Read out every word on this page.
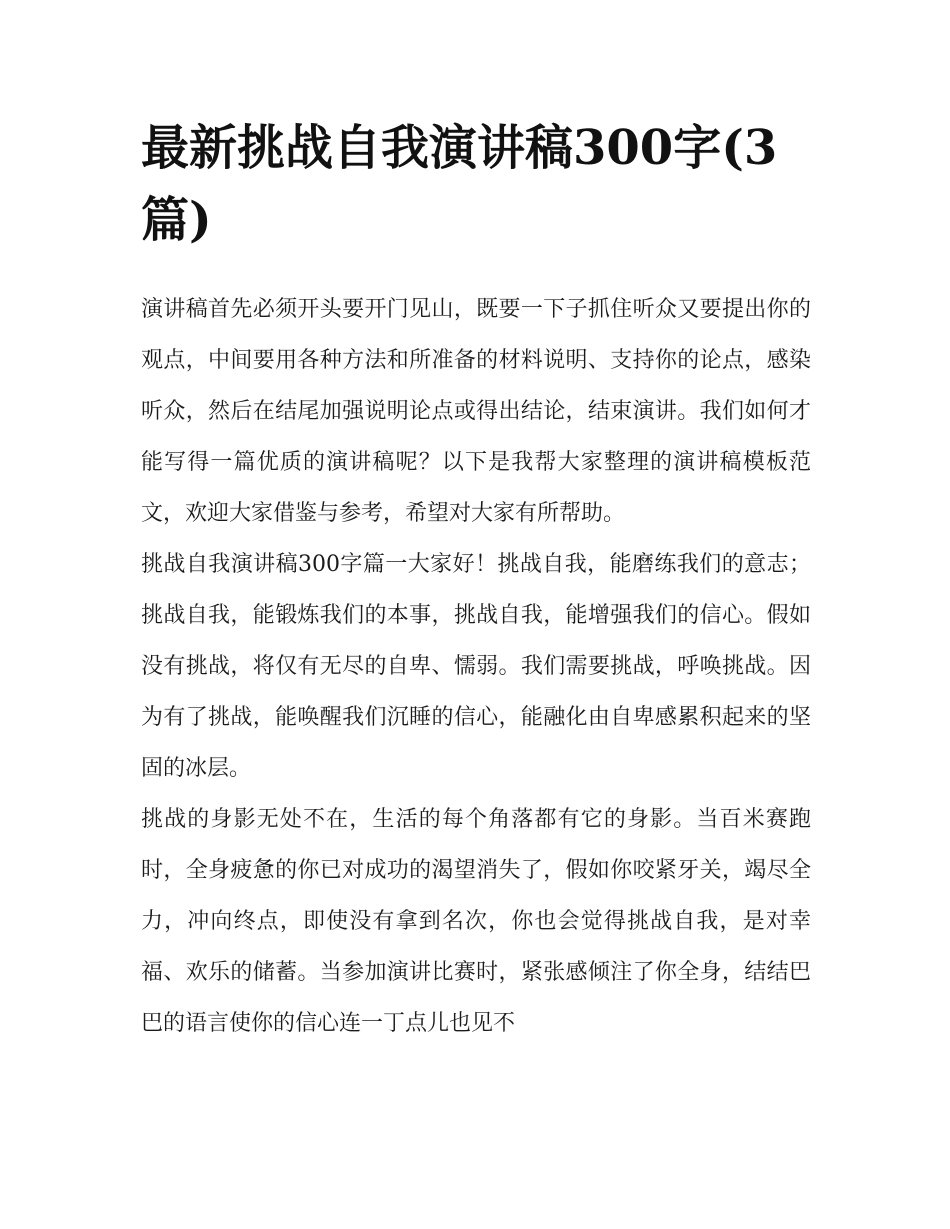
最新挑战自我演讲稿300字(3篇)

演讲稿首先必须开头要开门见山，既要一下子抓住听众又要提出你的观点，中间要用各种方法和所准备的材料说明、支持你的论点，感染听众，然后在结尾加强说明论点或得出结论，结束演讲。我们如何才能写得一篇优质的演讲稿呢？以下是我帮大家整理的演讲稿模板范文，欢迎大家借鉴与参考，希望对大家有所帮助。

挑战自我演讲稿300字篇一大家好！挑战自我，能磨练我们的意志；挑战自我，能锻炼我们的本事，挑战自我，能增强我们的信心。假如没有挑战，将仅有无尽的自卑、懦弱。我们需要挑战，呼唤挑战。因为有了挑战，能唤醒我们沉睡的信心，能融化由自卑感累积起来的坚固的冰层。

挑战的身影无处不在，生活的每个角落都有它的身影。当百米赛跑时，全身疲惫的你已对成功的渴望消失了，假如你咬紧牙关，竭尽全力，冲向终点，即使没有拿到名次，你也会觉得挑战自我，是对幸福、欢乐的储蓄。当参加演讲比赛时，紧张感倾注了你全身，结结巴巴的语言使你的信心连一丁点儿也见不
